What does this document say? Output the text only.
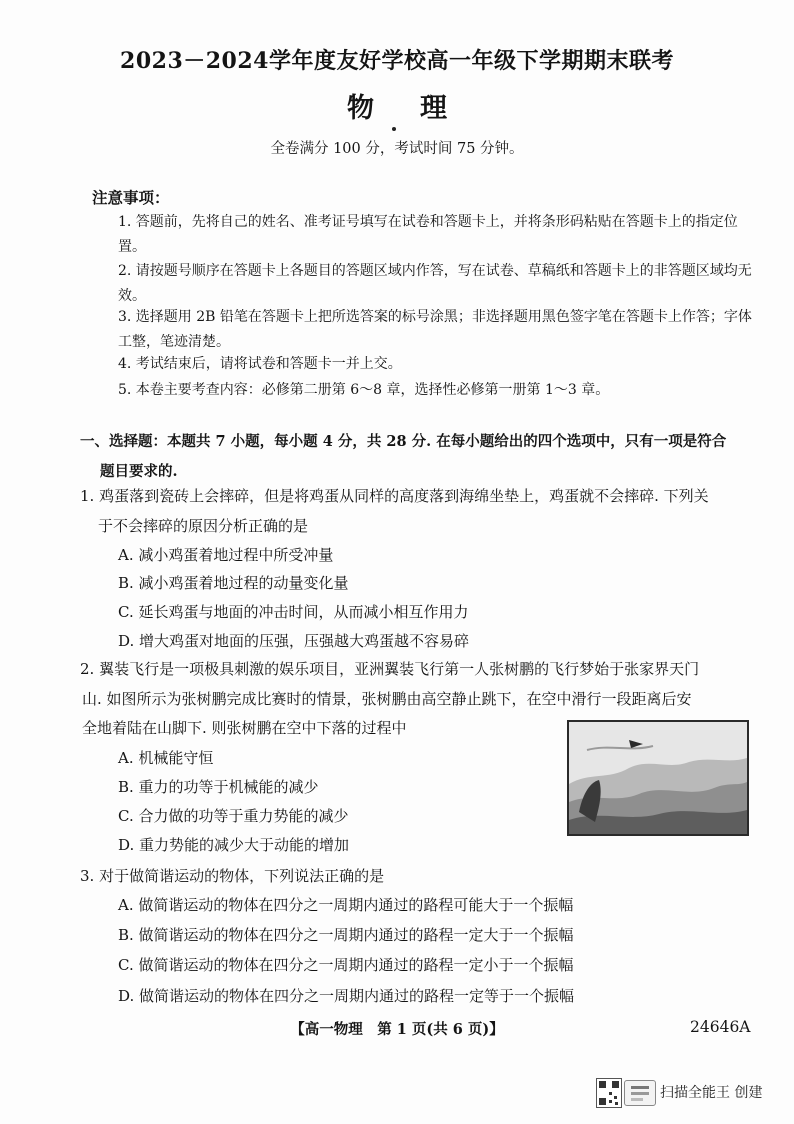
2023－2024学年度友好学校高一年级下学期期末联考
物理
全卷满分 100 分，考试时间 75 分钟。
注意事项：
1. 答题前，先将自己的姓名、准考证号填写在试卷和答题卡上，并将条形码粘贴在答题卡上的指定位置。
2. 请按题号顺序在答题卡上各题目的答题区域内作答，写在试卷、草稿纸和答题卡上的非答题区域均无效。
3. 选择题用 2B 铅笔在答题卡上把所选答案的标号涂黑；非选择题用黑色签字笔在答题卡上作答；字体工整，笔迹清楚。
4. 考试结束后，请将试卷和答题卡一并上交。
5. 本卷主要考查内容：必修第二册第 6～8 章，选择性必修第一册第 1～3 章。
一、选择题：本题共 7 小题，每小题 4 分，共 28 分. 在每小题给出的四个选项中，只有一项是符合
题目要求的.
1. 鸡蛋落到瓷砖上会摔碎，但是将鸡蛋从同样的高度落到海绵坐垫上，鸡蛋就不会摔碎. 下列关
于不会摔碎的原因分析正确的是
A. 减小鸡蛋着地过程中所受冲量
B. 减小鸡蛋着地过程的动量变化量
C. 延长鸡蛋与地面的冲击时间，从而减小相互作用力
D. 增大鸡蛋对地面的压强，压强越大鸡蛋越不容易碎
2. 翼装飞行是一项极具刺激的娱乐项目，亚洲翼装飞行第一人张树鹏的飞行梦始于张家界天门
山. 如图所示为张树鹏完成比赛时的情景，张树鹏由高空静止跳下，在空中滑行一段距离后安
全地着陆在山脚下. 则张树鹏在空中下落的过程中
A. 机械能守恒
B. 重力的功等于机械能的减少
C. 合力做的功等于重力势能的减少
D. 重力势能的减少大于动能的增加
3. 对于做简谐运动的物体，下列说法正确的是
A. 做简谐运动的物体在四分之一周期内通过的路程可能大于一个振幅
B. 做简谐运动的物体在四分之一周期内通过的路程一定大于一个振幅
C. 做简谐运动的物体在四分之一周期内通过的路程一定小于一个振幅
D. 做简谐运动的物体在四分之一周期内通过的路程一定等于一个振幅
【高一物理　第 1 页(共 6 页)】	24646A
扫描全能王 创建
